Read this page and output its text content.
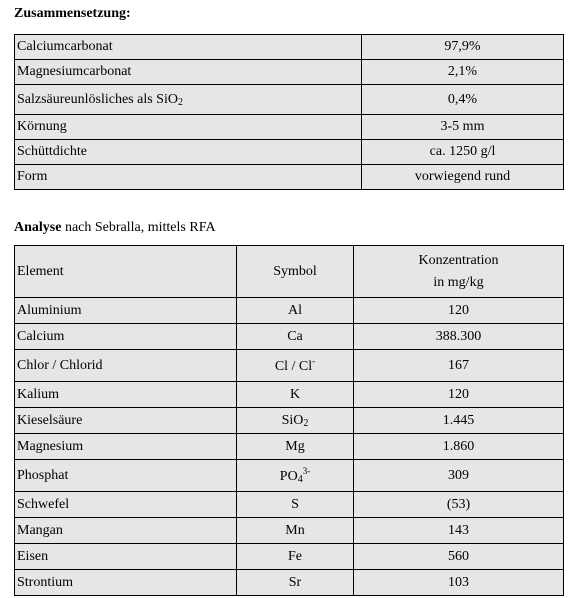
Zusammensetzung:
Calciumcarbonat	97,9%
Magnesiumcarbonat	2,1%
Salzsäureunlösliches als SiO$_2$	0,4%
Körnung	3-5 mm
Schüttdichte	ca. 1250 g/l
Form	vorwiegend rund
Analyse nach Sebralla, mittels RFA
Element	Symbol	Konzentration
in mg/kg

Aluminium	Al	120
Calcium	Ca	388.300
Chlor / Chlorid	Cl / Cl-	167
Kalium	K	120
Kieselsäure	SiO$_2$	1.445
Magnesium	Mg	1.860
Phosphat	$PO_4^{3-}$	309
Schwefel	S	(53)
Mangan	Mn	143
Eisen	Fe	560
Strontium	Sr	103
